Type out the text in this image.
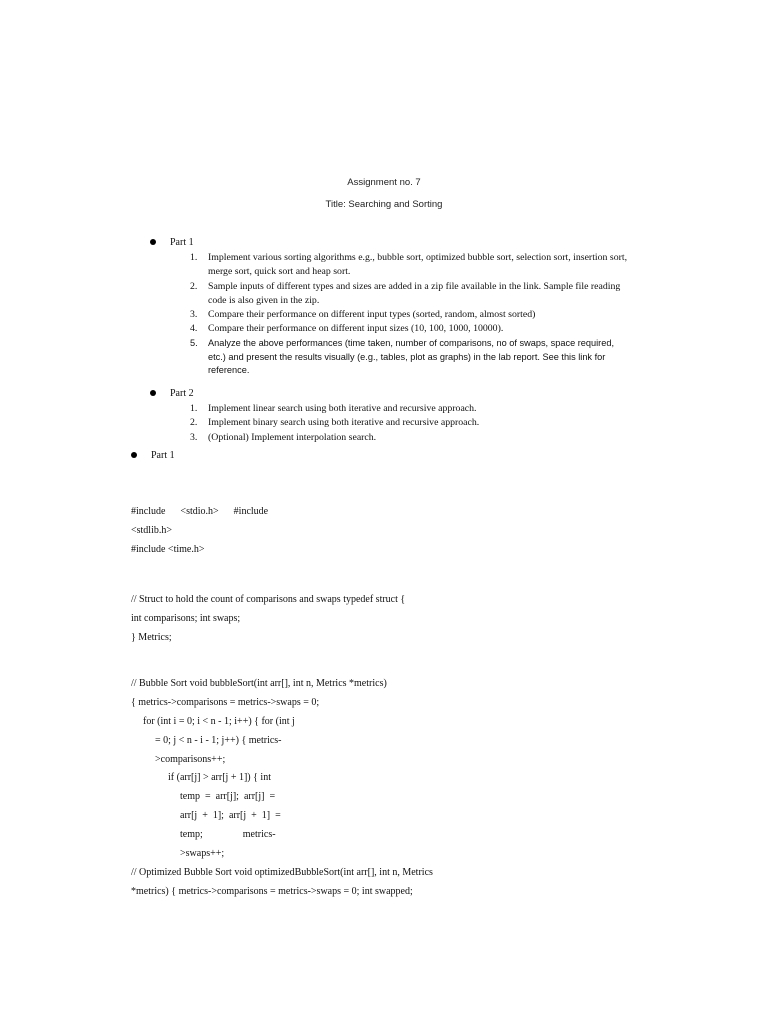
Assignment no. 7
Title: Searching and Sorting
Part 1
1.	Implement various sorting algorithms e.g., bubble sort, optimized bubble sort, selection sort, insertion sort, merge sort, quick sort and heap sort.
2.	Sample inputs of different types and sizes are added in a zip file available in the link. Sample file reading code is also given in the zip.
3.	Compare their performance on different input types (sorted, random, almost sorted)
4.	Compare their performance on different input sizes (10, 100, 1000, 10000).
5.	Analyze the above performances (time taken, number of comparisons, no of swaps, space required, etc.) and present the results visually (e.g., tables, plot as graphs) in the lab report. See this link for reference.
Part 2
1.	Implement linear search using both iterative and recursive approach.
2.	Implement binary search using both iterative and recursive approach.
3.	(Optional) Implement interpolation search.
Part 1
#include      <stdio.h>      #include
<stdlib.h>
#include <time.h>
// Struct to hold the count of comparisons and swaps typedef struct {
int comparisons; int swaps;
} Metrics;
// Bubble Sort void bubbleSort(int arr[], int n, Metrics *metrics)
{ metrics->comparisons = metrics->swaps = 0;
for (int i = 0; i < n - 1; i++) { for (int j
= 0; j < n - i - 1; j++) { metrics-
>comparisons++;
if (arr[j] > arr[j + 1]) { int
temp  =  arr[j];  arr[j]  =
arr[j  +  1];  arr[j  +  1]  =
temp;                metrics-
>swaps++;
// Optimized Bubble Sort void optimizedBubbleSort(int arr[], int n, Metrics
*metrics) { metrics->comparisons = metrics->swaps = 0; int swapped;
